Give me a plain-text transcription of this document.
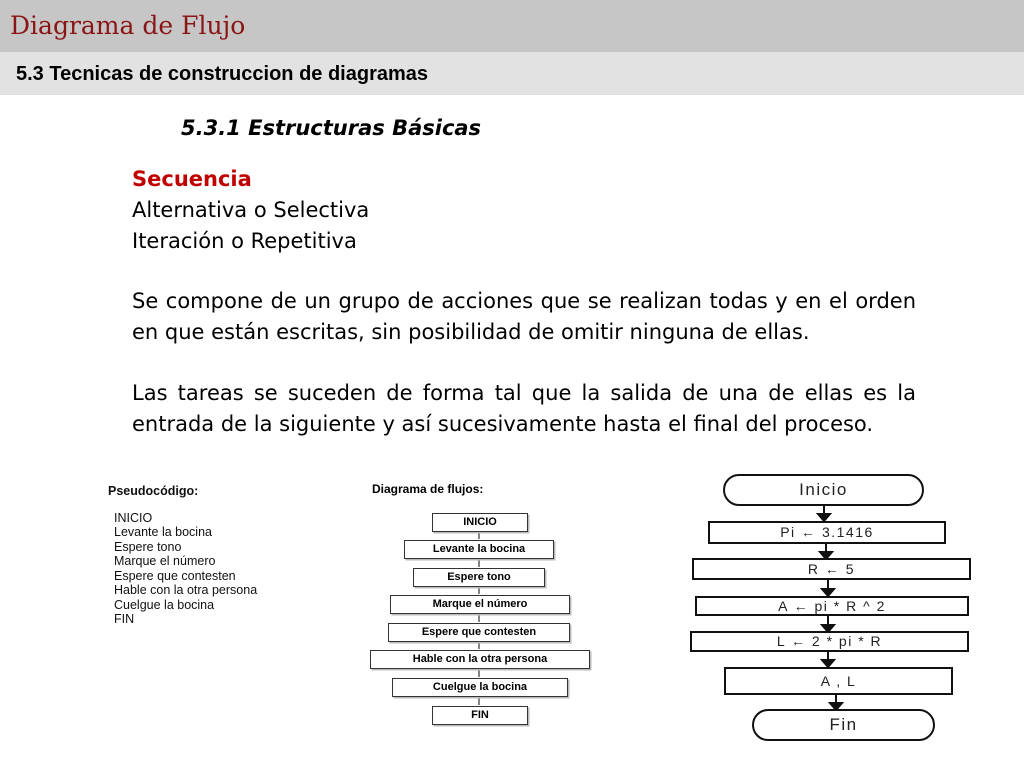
Diagrama de Flujo
5.3 Tecnicas de construccion de diagramas
5.3.1 Estructuras Básicas
Secuencia
Alternativa o Selectiva
Iteración o Repetitiva
Se compone de un grupo de acciones que se realizan todas y en el orden en que están escritas, sin posibilidad de omitir ninguna de ellas.
Las tareas se suceden de forma tal que la salida de una de ellas es la entrada de la siguiente y así sucesivamente hasta el final del proceso.
Pseudocódigo:
INICIO
Levante la bocina
Espere tono
Marque el número
Espere que contesten
Hable con la otra persona
Cuelgue la bocina
FIN
Diagrama de flujos:
INICIO
Levante la bocina
Espere tono
Marque el número
Espere que contesten
Hable con la otra persona
Cuelgue la bocina
FIN
Inicio
Pi ← 3.1416
R ← 5
A ← pi * R ^ 2
L ← 2 * pi * R
A , L
Fin
